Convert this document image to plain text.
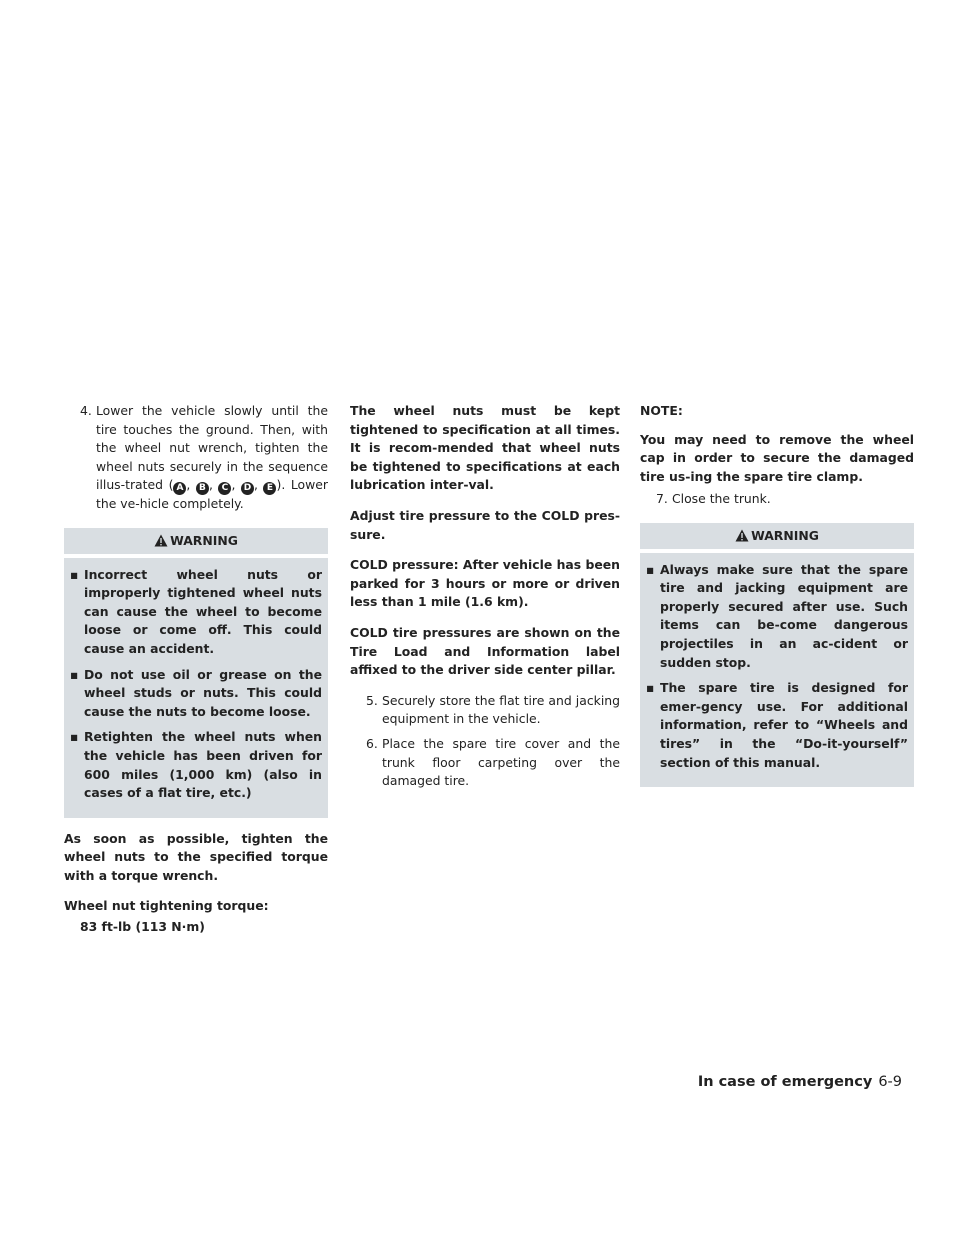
4. Lower the vehicle slowly until the tire touches the ground. Then, with the wheel nut wrench, tighten the wheel nuts securely in the sequence illus-trated ( A , B , C , D , E ). Lower the ve-hicle completely.

WARNING
▪ Incorrect wheel nuts or improperly tightened wheel nuts can cause the wheel to become loose or come off. This could cause an accident.
▪ Do not use oil or grease on the wheel studs or nuts. This could cause the nuts to become loose.
▪ Retighten the wheel nuts when the vehicle has been driven for 600 miles (1,000 km) (also in cases of a flat tire, etc.)

As soon as possible, tighten the wheel nuts to the specified torque with a torque wrench.

Wheel nut tightening torque:

83 ft-lb (113 N·m)

The wheel nuts must be kept tightened to specification at all times. It is recom-mended that wheel nuts be tightened to specifications at each lubrication inter-val.

Adjust tire pressure to the COLD pres-sure.

COLD pressure: After vehicle has been parked for 3 hours or more or driven less than 1 mile (1.6 km).

COLD tire pressures are shown on the Tire Load and Information label affixed to the driver side center pillar.

5. Securely store the flat tire and jacking equipment in the vehicle.

6. Place the spare tire cover and the trunk floor carpeting over the damaged tire.

NOTE:

You may need to remove the wheel cap in order to secure the damaged tire us-ing the spare tire clamp.

7. Close the trunk.

WARNING
▪ Always make sure that the spare tire and jacking equipment are properly secured after use. Such items can be-come dangerous projectiles in an ac-cident or sudden stop.
▪ The spare tire is designed for emer-gency use. For additional information, refer to “Wheels and tires” in the “Do-it-yourself” section of this manual.
In case of emergency 6-9
